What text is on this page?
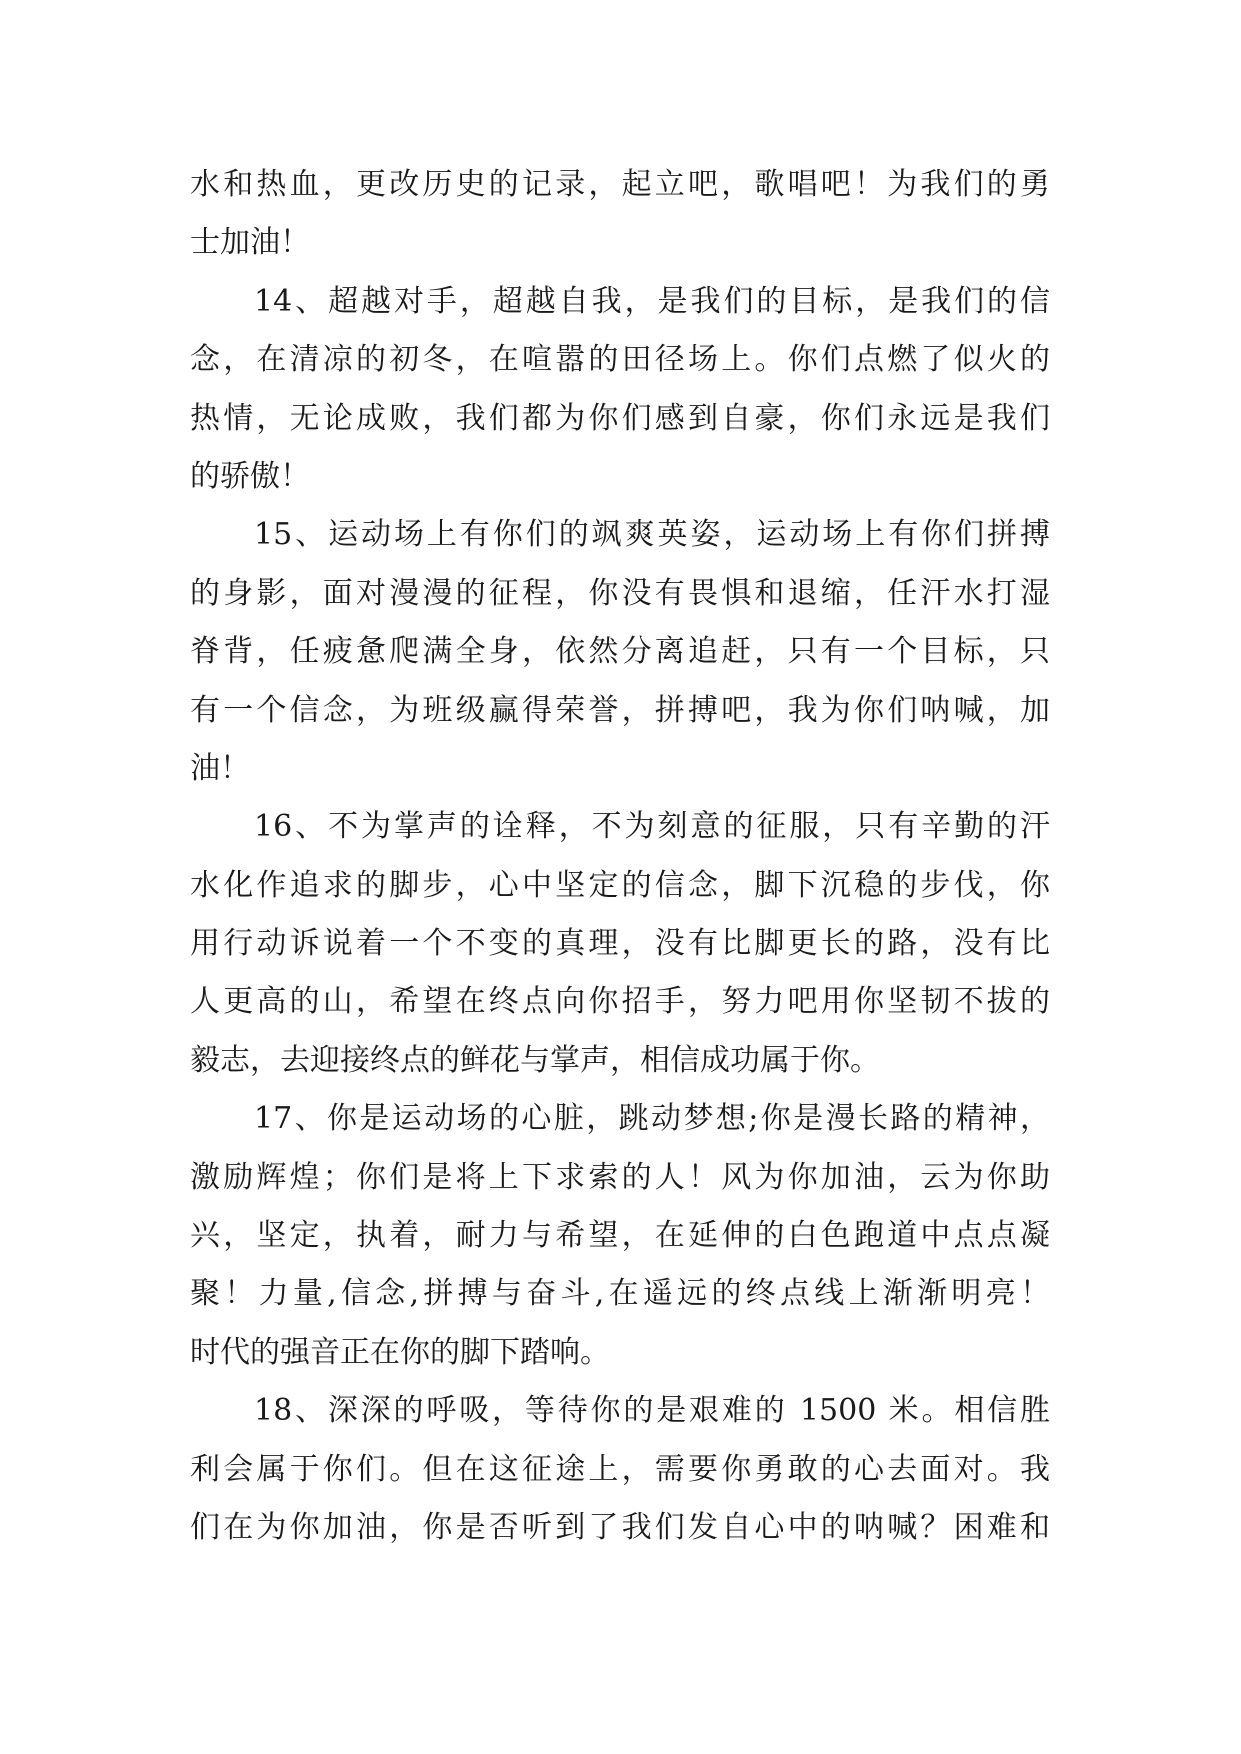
水和热血，更改历史的记录，起立吧，歌唱吧！为我们的勇
士加油！
14、超越对手，超越自我，是我们的目标，是我们的信
念，在清凉的初冬，在喧嚣的田径场上。你们点燃了似火的
热情，无论成败，我们都为你们感到自豪，你们永远是我们
的骄傲！
15、运动场上有你们的飒爽英姿，运动场上有你们拼搏
的身影，面对漫漫的征程，你没有畏惧和退缩，任汗水打湿
脊背，任疲惫爬满全身，依然分离追赶，只有一个目标，只
有一个信念，为班级赢得荣誉，拼搏吧，我为你们呐喊，加
油！
16、不为掌声的诠释，不为刻意的征服，只有辛勤的汗
水化作追求的脚步，心中坚定的信念，脚下沉稳的步伐，你
用行动诉说着一个不变的真理，没有比脚更长的路，没有比
人更高的山，希望在终点向你招手，努力吧用你坚韧不拔的
毅志，去迎接终点的鲜花与掌声，相信成功属于你。
17、你是运动场的心脏，跳动梦想;你是漫长路的精神，
激励辉煌；你们是将上下求索的人！风为你加油，云为你助
兴，坚定，执着，耐力与希望，在延伸的白色跑道中点点凝
聚！力量,信念,拼搏与奋斗,在遥远的终点线上渐渐明亮！
时代的强音正在你的脚下踏响。
18、深深的呼吸，等待你的是艰难的 1500 米。相信胜
利会属于你们。但在这征途上，需要你勇敢的心去面对。我
们在为你加油，你是否听到了我们发自心中的呐喊？困难和
